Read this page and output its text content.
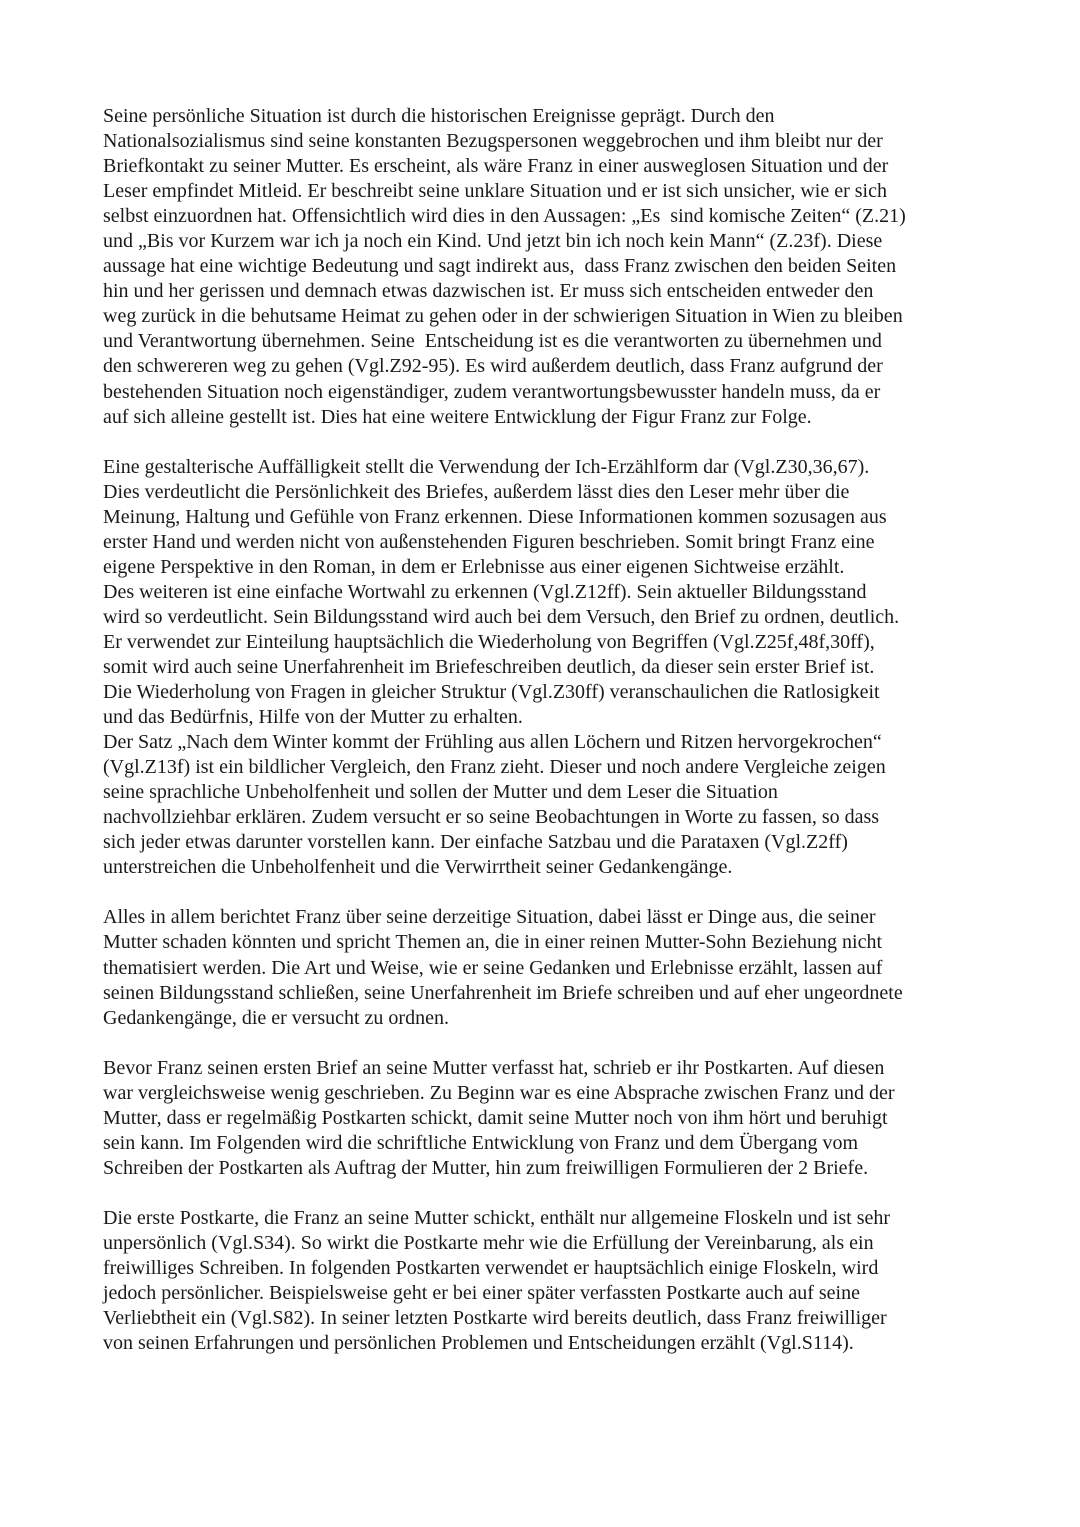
Seine persönliche Situation ist durch die historischen Ereignisse geprägt. Durch den
Nationalsozialismus sind seine konstanten Bezugspersonen weggebrochen und ihm bleibt nur der
Briefkontakt zu seiner Mutter. Es erscheint, als wäre Franz in einer ausweglosen Situation und der
Leser empfindet Mitleid. Er beschreibt seine unklare Situation und er ist sich unsicher, wie er sich
selbst einzuordnen hat. Offensichtlich wird dies in den Aussagen: „Es  sind komische Zeiten“ (Z.21)
und „Bis vor Kurzem war ich ja noch ein Kind. Und jetzt bin ich noch kein Mann“ (Z.23f). Diese
aussage hat eine wichtige Bedeutung und sagt indirekt aus,  dass Franz zwischen den beiden Seiten
hin und her gerissen und demnach etwas dazwischen ist. Er muss sich entscheiden entweder den
weg zurück in die behutsame Heimat zu gehen oder in der schwierigen Situation in Wien zu bleiben
und Verantwortung übernehmen. Seine  Entscheidung ist es die verantworten zu übernehmen und
den schwereren weg zu gehen (Vgl.Z92-95). Es wird außerdem deutlich, dass Franz aufgrund der
bestehenden Situation noch eigenständiger, zudem verantwortungsbewusster handeln muss, da er
auf sich alleine gestellt ist. Dies hat eine weitere Entwicklung der Figur Franz zur Folge.
Eine gestalterische Auffälligkeit stellt die Verwendung der Ich-Erzählform dar (Vgl.Z30,36,67).
Dies verdeutlicht die Persönlichkeit des Briefes, außerdem lässt dies den Leser mehr über die
Meinung, Haltung und Gefühle von Franz erkennen. Diese Informationen kommen sozusagen aus
erster Hand und werden nicht von außenstehenden Figuren beschrieben. Somit bringt Franz eine
eigene Perspektive in den Roman, in dem er Erlebnisse aus einer eigenen Sichtweise erzählt.
Des weiteren ist eine einfache Wortwahl zu erkennen (Vgl.Z12ff). Sein aktueller Bildungsstand
wird so verdeutlicht. Sein Bildungsstand wird auch bei dem Versuch, den Brief zu ordnen, deutlich.
Er verwendet zur Einteilung hauptsächlich die Wiederholung von Begriffen (Vgl.Z25f,48f,30ff),
somit wird auch seine Unerfahrenheit im Briefeschreiben deutlich, da dieser sein erster Brief ist.
Die Wiederholung von Fragen in gleicher Struktur (Vgl.Z30ff) veranschaulichen die Ratlosigkeit
und das Bedürfnis, Hilfe von der Mutter zu erhalten.
Der Satz „Nach dem Winter kommt der Frühling aus allen Löchern und Ritzen hervorgekrochen“
(Vgl.Z13f) ist ein bildlicher Vergleich, den Franz zieht. Dieser und noch andere Vergleiche zeigen
seine sprachliche Unbeholfenheit und sollen der Mutter und dem Leser die Situation
nachvollziehbar erklären. Zudem versucht er so seine Beobachtungen in Worte zu fassen, so dass
sich jeder etwas darunter vorstellen kann. Der einfache Satzbau und die Parataxen (Vgl.Z2ff)
unterstreichen die Unbeholfenheit und die Verwirrtheit seiner Gedankengänge.
Alles in allem berichtet Franz über seine derzeitige Situation, dabei lässt er Dinge aus, die seiner
Mutter schaden könnten und spricht Themen an, die in einer reinen Mutter-Sohn Beziehung nicht
thematisiert werden. Die Art und Weise, wie er seine Gedanken und Erlebnisse erzählt, lassen auf
seinen Bildungsstand schließen, seine Unerfahrenheit im Briefe schreiben und auf eher ungeordnete
Gedankengänge, die er versucht zu ordnen.
Bevor Franz seinen ersten Brief an seine Mutter verfasst hat, schrieb er ihr Postkarten. Auf diesen
war vergleichsweise wenig geschrieben. Zu Beginn war es eine Absprache zwischen Franz und der
Mutter, dass er regelmäßig Postkarten schickt, damit seine Mutter noch von ihm hört und beruhigt
sein kann. Im Folgenden wird die schriftliche Entwicklung von Franz und dem Übergang vom
Schreiben der Postkarten als Auftrag der Mutter, hin zum freiwilligen Formulieren der 2 Briefe.
Die erste Postkarte, die Franz an seine Mutter schickt, enthält nur allgemeine Floskeln und ist sehr
unpersönlich (Vgl.S34). So wirkt die Postkarte mehr wie die Erfüllung der Vereinbarung, als ein
freiwilliges Schreiben. In folgenden Postkarten verwendet er hauptsächlich einige Floskeln, wird
jedoch persönlicher. Beispielsweise geht er bei einer später verfassten Postkarte auch auf seine
Verliebtheit ein (Vgl.S82). In seiner letzten Postkarte wird bereits deutlich, dass Franz freiwilliger
von seinen Erfahrungen und persönlichen Problemen und Entscheidungen erzählt (Vgl.S114).
